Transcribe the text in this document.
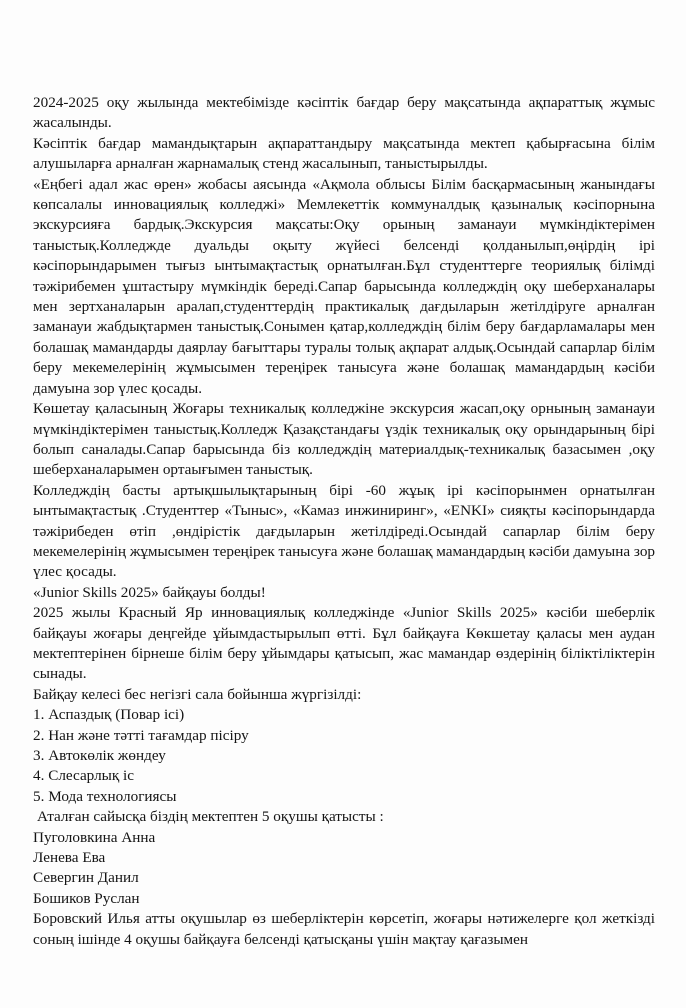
2024-2025 оқу жылында мектебімізде кәсіптік бағдар беру мақсатында ақпараттық жұмыс жасалынды.

Кәсіптік бағдар мамандықтарын ақпараттандыру мақсатында мектеп қабырғасына білім алушыларға арналған жарнамалық стенд жасалынып, таныстырылды.

«Еңбегі адал жас өрен» жобасы аясында «Ақмола облысы Білім басқармасының жанындағы көпсалалы инновациялық колледжі» Мемлекеттік коммуналдық қазыналық кәсіпорнына экскурсияға бардық.Экскурсия мақсаты:Оқу орының заманауи мүмкіндіктерімен таныстық.Колледжде дуальды оқыту жүйесі белсенді қолданылып,өңірдің ірі кәсіпорындарымен тығыз ынтымақтастық орнатылған.Бұл студенттерге теориялық білімді тәжірибемен ұштастыру мүмкіндік береді.Сапар барысында колледждің оқу шеберханалары мен зертханаларын аралап,студенттердің практикалық дағдыларын жетілдіруге арналған заманауи жабдықтармен таныстық.Сонымен қатар,колледждің білім беру бағдарламалары мен болашақ мамандарды даярлау бағыттары туралы толық ақпарат алдық.Осындай сапарлар білім беру мекемелерінің жұмысымен тереңірек танысуға және болашақ мамандардың кәсіби дамуына зор үлес қосады.

Көшетау қаласының Жоғары техникалық колледжіне экскурсия жасап,оқу орнының заманауи мүмкіндіктерімен таныстық.Колледж Қазақстандағы үздік техникалық оқу орындарының бірі болып саналады.Сапар барысында біз колледждің материалдық-техникалық базасымен ,оқу шеберханаларымен ортаығымен таныстық.

Колледждің басты артықшылықтарының бірі -60 жұық ірі кәсіпорынмен орнатылған ынтымақтастық .Студенттер «Тыныс», «Камаз инжиниринг», «ENKI» сияқты кәсіпорындарда тәжірибеден өтіп ,өндірістік дағдыларын жетілдіреді.Осындай сапарлар білім беру мекемелерінің жұмысымен тереңірек танысуға және болашақ мамандардың кәсіби дамуына зор үлес қосады.

«Junior Skills 2025» байқауы болды!

2025 жылы Красный Яр инновациялық колледжінде «Junior Skills 2025» кәсіби шеберлік байқауы жоғары деңгейде ұйымдастырылып өтті. Бұл байқауға Көкшетау қаласы мен аудан мектептерінен бірнеше білім беру ұйымдары қатысып, жас мамандар өздерінің біліктіліктерін сынады.

Байқау келесі бес негізгі сала бойынша жүргізілді:
1. Аспаздық (Повар ісі)
2. Нан және тәтті тағамдар пісіру
3. Автокөлік жөндеу
4. Слесарлық іс
5. Мода технологиясы
Аталған сайысқа біздің мектептен 5 оқушы қатысты :
Пуголовкина Анна
Ленева Ева
Севергин Данил
Бошиков Руслан

Боровский Илья атты оқушылар өз шеберліктерін көрсетіп, жоғары нәтижелерге қол жеткізді соның ішінде 4 оқушы байқауға белсенді қатысқаны үшін мақтау қағазымен
